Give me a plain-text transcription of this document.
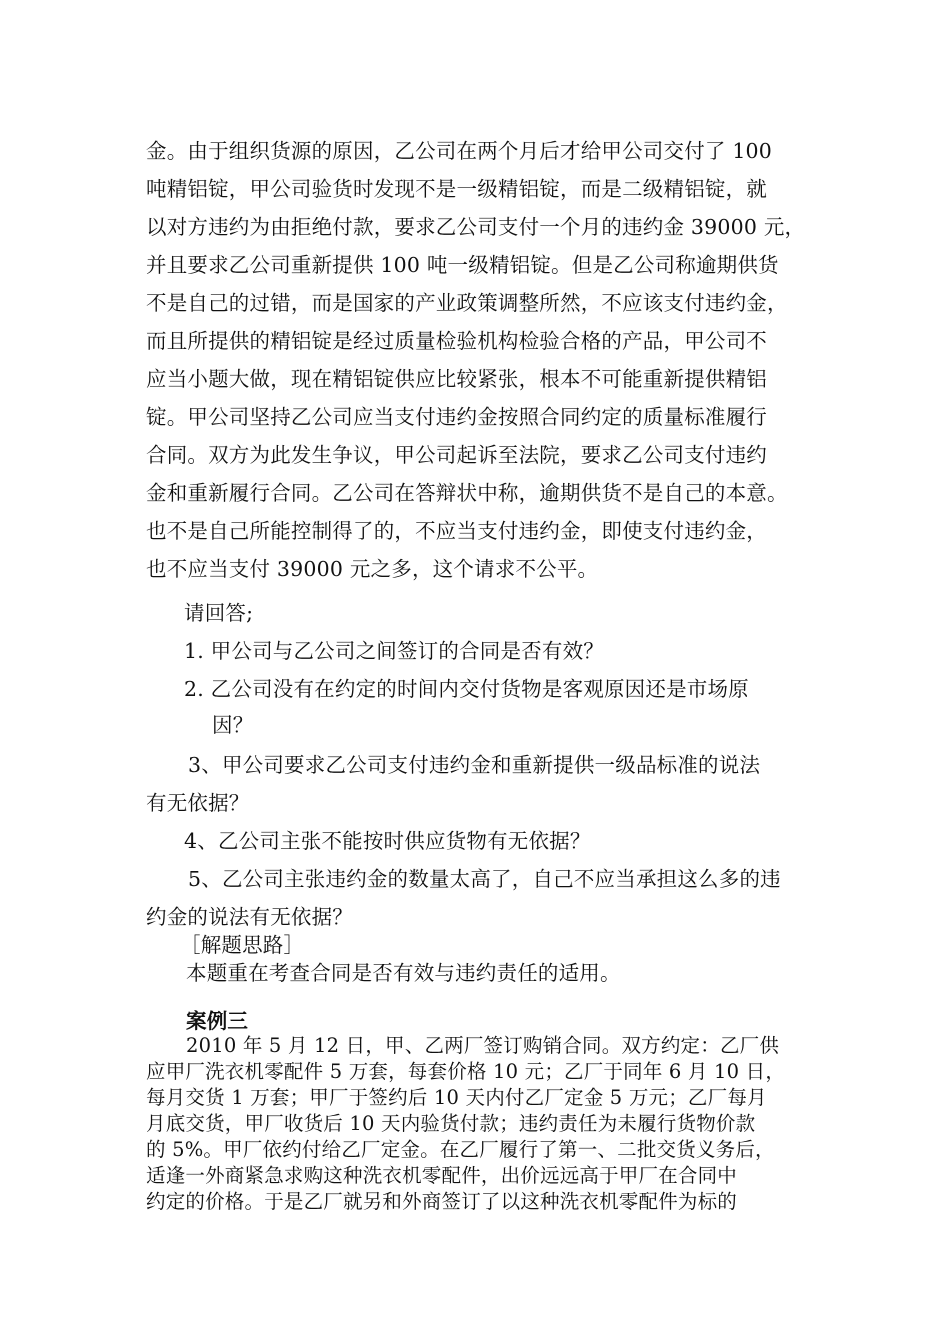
金。由于组织货源的原因，乙公司在两个月后才给甲公司交付了 100
吨精铝锭，甲公司验货时发现不是一级精铝锭，而是二级精铝锭，就
以对方违约为由拒绝付款，要求乙公司支付一个月的违约金 39000 元，
并且要求乙公司重新提供 100 吨一级精铝锭。但是乙公司称逾期供货
不是自己的过错，而是国家的产业政策调整所然，不应该支付违约金，
而且所提供的精铝锭是经过质量检验机构检验合格的产品，甲公司不
应当小题大做，现在精铝锭供应比较紧张，根本不可能重新提供精铝
锭。甲公司坚持乙公司应当支付违约金按照合同约定的质量标准履行
合同。双方为此发生争议，甲公司起诉至法院，要求乙公司支付违约
金和重新履行合同。乙公司在答辩状中称，逾期供货不是自己的本意。
也不是自己所能控制得了的，不应当支付违约金，即使支付违约金，
也不应当支付 39000 元之多，这个请求不公平。
请回答;
1. 甲公司与乙公司之间签订的合同是否有效？
2. 乙公司没有在约定的时间内交付货物是客观原因还是市场原
因？
3、甲公司要求乙公司支付违约金和重新提供一级品标准的说法
有无依据？
4、乙公司主张不能按时供应货物有无依据？
5、乙公司主张违约金的数量太高了，自己不应当承担这么多的违
约金的说法有无依据？
［解题思路］
本题重在考查合同是否有效与违约责任的适用。
案例三
2010 年 5 月 12 日，甲、乙两厂签订购销合同。双方约定：乙厂供
应甲厂洗衣机零配件 5 万套，每套价格 10 元；乙厂于同年 6 月 10 日，
每月交货 1 万套；甲厂于签约后 10 天内付乙厂定金 5 万元；乙厂每月
月底交货，甲厂收货后 10 天内验货付款；违约责任为未履行货物价款
的 5%。甲厂依约付给乙厂定金。在乙厂履行了第一、二批交货义务后，
适逢一外商紧急求购这种洗衣机零配件，出价远远高于甲厂在合同中
约定的价格。于是乙厂就另和外商签订了以这种洗衣机零配件为标的
